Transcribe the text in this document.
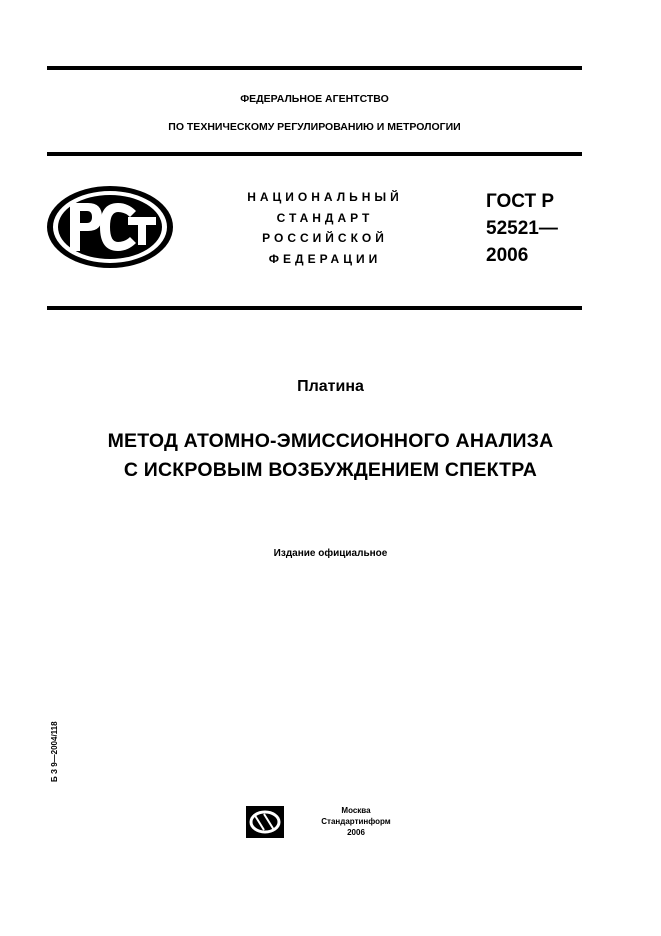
ФЕДЕРАЛЬНОЕ АГЕНТСТВО
ПО ТЕХНИЧЕСКОМУ РЕГУЛИРОВАНИЮ И МЕТРОЛОГИИ
НАЦИОНАЛЬНЫЙ
СТАНДАРТ
РОССИЙСКОЙ
ФЕДЕРАЦИИ
ГОСТ Р
52521—
2006
Платина
МЕТОД АТОМНО-ЭМИССИОННОГО АНАЛИЗА
С ИСКРОВЫМ ВОЗБУЖДЕНИЕМ СПЕКТРА
Издание официальное
Б З 9—2004/118
Москва
Стандартинформ
2006
